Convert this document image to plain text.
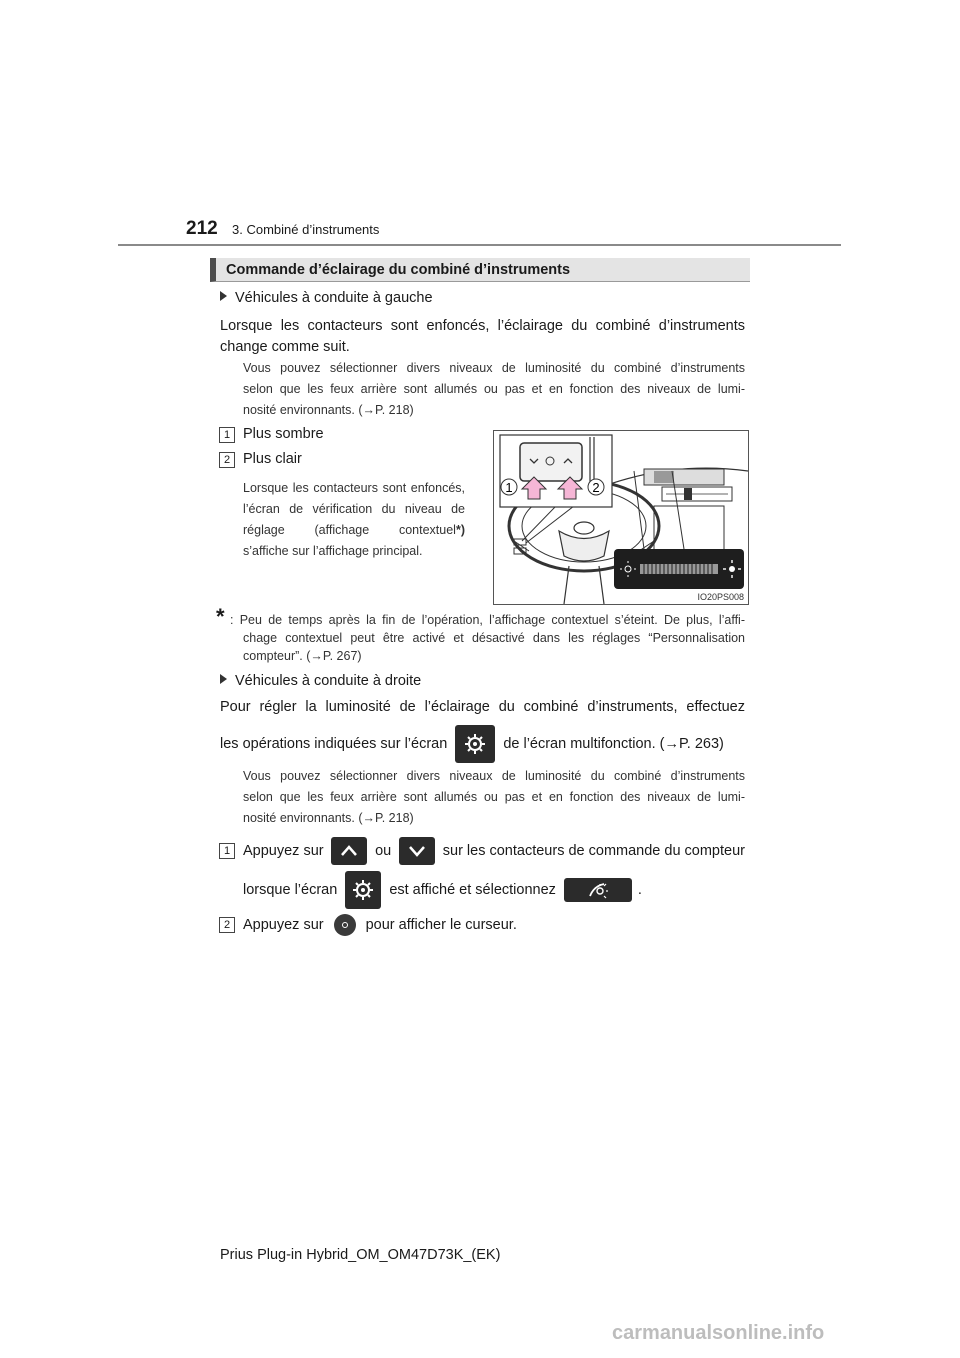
212 3. Combiné d’instruments
Commande d’éclairage du combiné d’instruments
Véhicules à conduite à gauche
Lorsque les contacteurs sont enfoncés, l’éclairage du combiné d’instruments
change comme suit.
Vous pouvez sélectionner divers niveaux de luminosité du combiné d’instruments
selon que les feux arrière sont allumés ou pas et en fonction des niveaux de lumi-
nosité environnants. (→P. 218)
1 Plus sombre
2 Plus clair
Lorsque les contacteurs sont enfoncés,
l’écran de vérification du niveau de
réglage (affichage contextuel*)
s’affiche sur l’affichage principal.
1	2
IO20PS008
* : Peu de temps après la fin de l’opération, l’affichage contextuel s’éteint. De plus, l’affi-
chage contextuel peut être activé et désactivé dans les réglages “Personnalisation
compteur”. (→P. 267)
Véhicules à conduite à droite
Pour régler la luminosité de l’éclairage du combiné d’instruments, effectuez
les opérations indiquées sur l’écran	de l’écran multifonction. (→P. 263)
Vous pouvez sélectionner divers niveaux de luminosité du combiné d’instruments
selon que les feux arrière sont allumés ou pas et en fonction des niveaux de lumi-
nosité environnants. (→P. 218)
1 Appuyez sur	ou	sur les contacteurs de commande du compteur
lorsque l’écran	est affiché et sélectionnez	.
2 Appuyez sur	pour afficher le curseur.
Prius Plug-in Hybrid_OM_OM47D73K_(EK)
carmanualsonline.info
